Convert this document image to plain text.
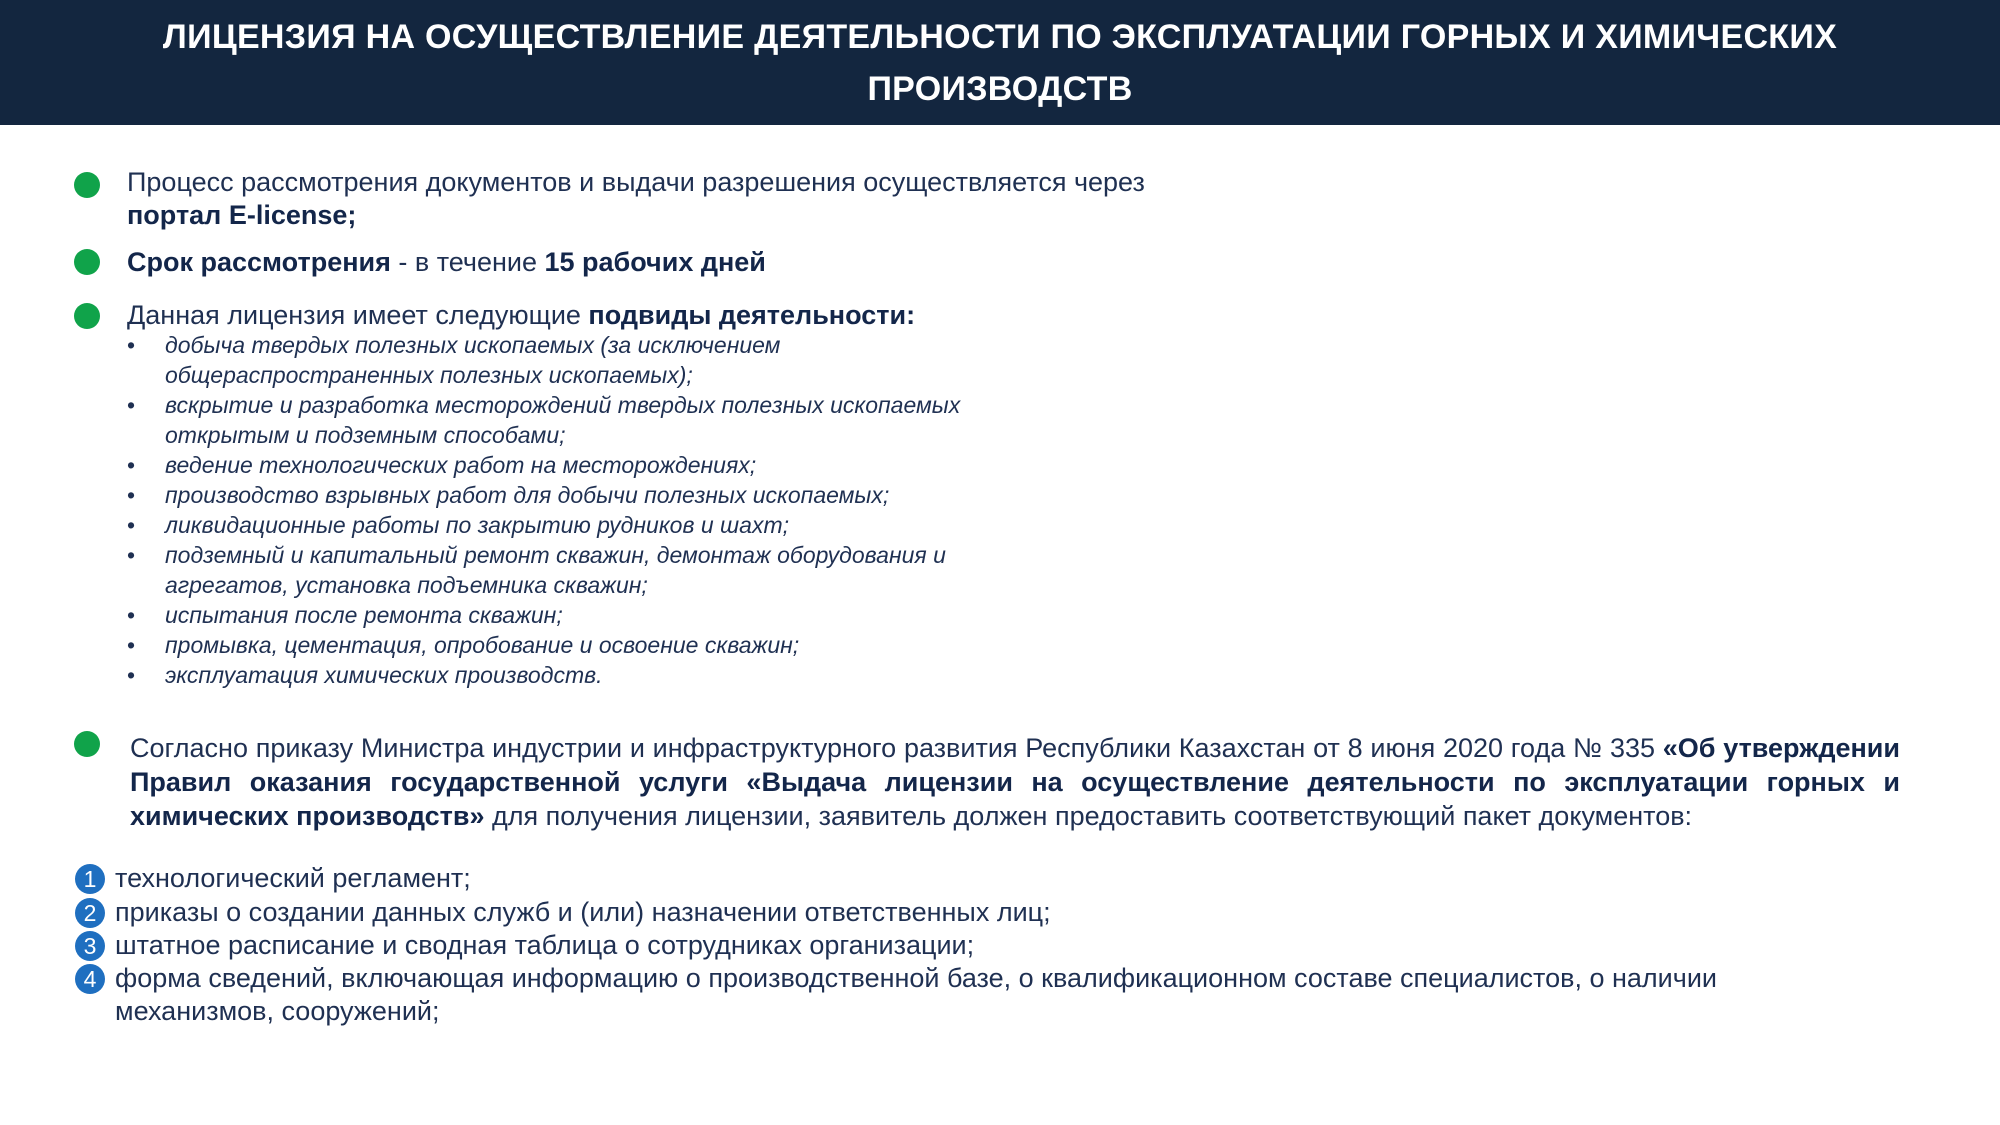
ЛИЦЕНЗИЯ НА ОСУЩЕСТВЛЕНИЕ ДЕЯТЕЛЬНОСТИ ПО ЭКСПЛУАТАЦИИ ГОРНЫХ И ХИМИЧЕСКИХ ПРОИЗВОДСТВ
Процесс рассмотрения документов и выдачи разрешения осуществляется через
портал E-license;
Срок рассмотрения - в течение 15 рабочих дней
Данная лицензия имеет следующие подвиды деятельности:
• добыча твердых полезных ископаемых (за исключением
общераспространенных полезных ископаемых);
• вскрытие и разработка месторождений твердых полезных ископаемых
открытым и подземным способами;
• ведение технологических работ на месторождениях;
• производство взрывных работ для добычи полезных ископаемых;
• ликвидационные работы по закрытию рудников и шахт;
• подземный и капитальный ремонт скважин, демонтаж оборудования и
агрегатов, установка подъемника скважин;
• испытания после ремонта скважин;
• промывка, цементация, опробование и освоение скважин;
• эксплуатация химических производств.
Согласно приказу Министра индустрии и инфраструктурного развития Республики Казахстан от 8 июня 2020 года № 335 «Об утверждении Правил оказания государственной услуги «Выдача лицензии на осуществление деятельности по эксплуатации горных и химических производств» для получения лицензии, заявитель должен предоставить соответствующий пакет документов:
1 технологический регламент;
2 приказы о создании данных служб и (или) назначении ответственных лиц;
3 штатное расписание и сводная таблица о сотрудниках организации;
4 форма сведений, включающая информацию о производственной базе, о квалификационном составе специалистов, о наличии механизмов, сооружений;
